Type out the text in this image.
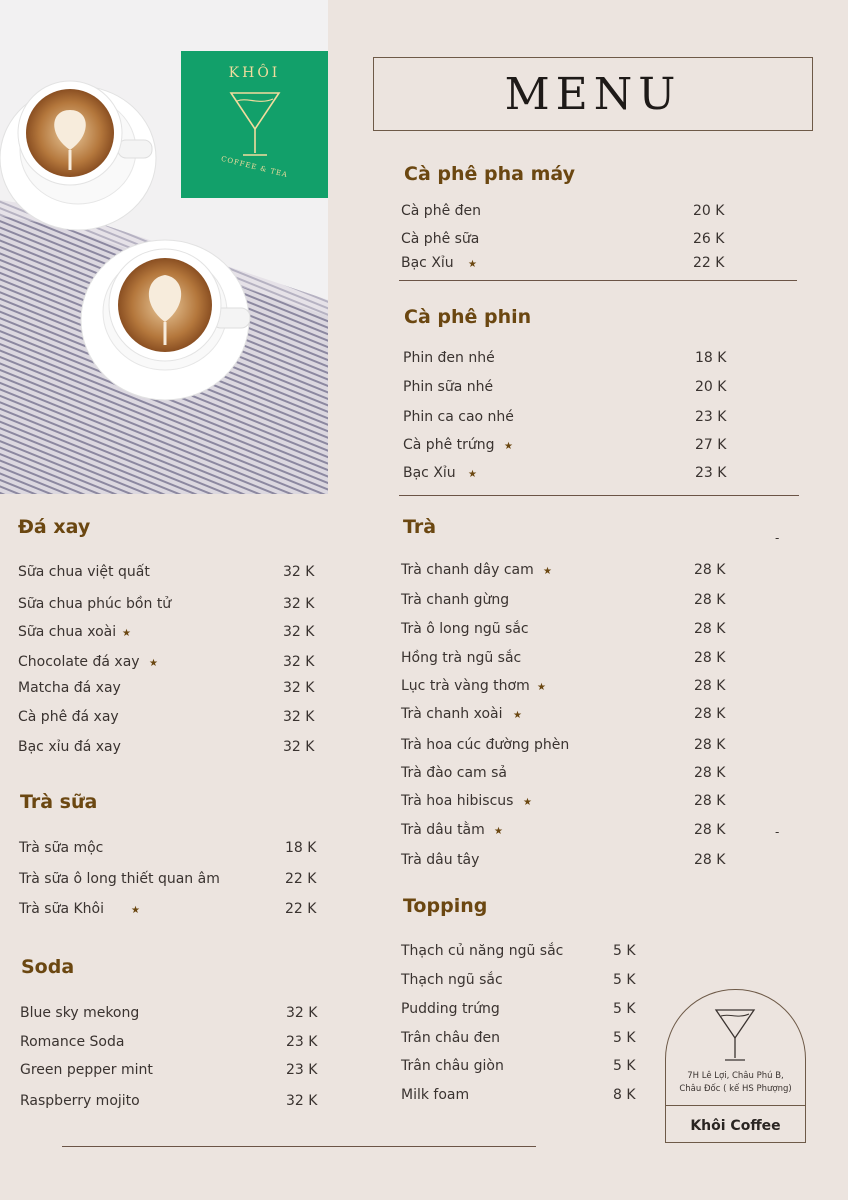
KHÔI
COFFEE & TEA
MENU
Cà phê pha máy
Cà phê đen	20 K
Cà phê sữa	26 K
Bạc Xỉu	22 K
★
Cà phê phin
Phin đen nhé	18 K
Phin sữa nhé	20 K
Phin ca cao nhé	23 K
Cà phê trứng	27 K
★
Bạc Xỉu	23 K
★
Đá xay
Sữa chua việt quất	32 K
Sữa chua phúc bồn tử	32 K
Sữa chua xoài	32 K
★
Chocolate đá xay	32 K
★
Matcha đá xay	32 K
Cà phê đá xay	32 K
Bạc xỉu đá xay	32 K
Trà sữa
Trà sữa mộc	18 K
Trà sữa ô long thiết quan âm	22 K
Trà sữa Khôi	22 K
★
Soda
Blue sky mekong	32 K
Romance Soda	23 K
Green pepper mint	23 K
Raspberry mojito	32 K
Trà
Trà chanh dây cam	28 K
★
Trà chanh gừng	28 K
Trà ô long ngũ sắc	28 K
Hồng trà ngũ sắc	28 K
Lục trà vàng thơm	28 K
★
Trà chanh xoài	28 K
★
Trà hoa cúc đường phèn	28 K
Trà đào cam sả	28 K
Trà hoa hibiscus	28 K
★
Trà dâu tằm	28 K
★
Trà dâu tây	28 K
Topping
Thạch củ năng ngũ sắc	5 K
Thạch ngũ sắc	5 K
Pudding trứng	5 K
Trân châu đen	5 K
Trân châu giòn	5 K
Milk foam	8 K
-
-
7H Lê Lợi, Châu Phú B,
Châu Đốc ( kế HS Phượng)
Khôi Coffee
